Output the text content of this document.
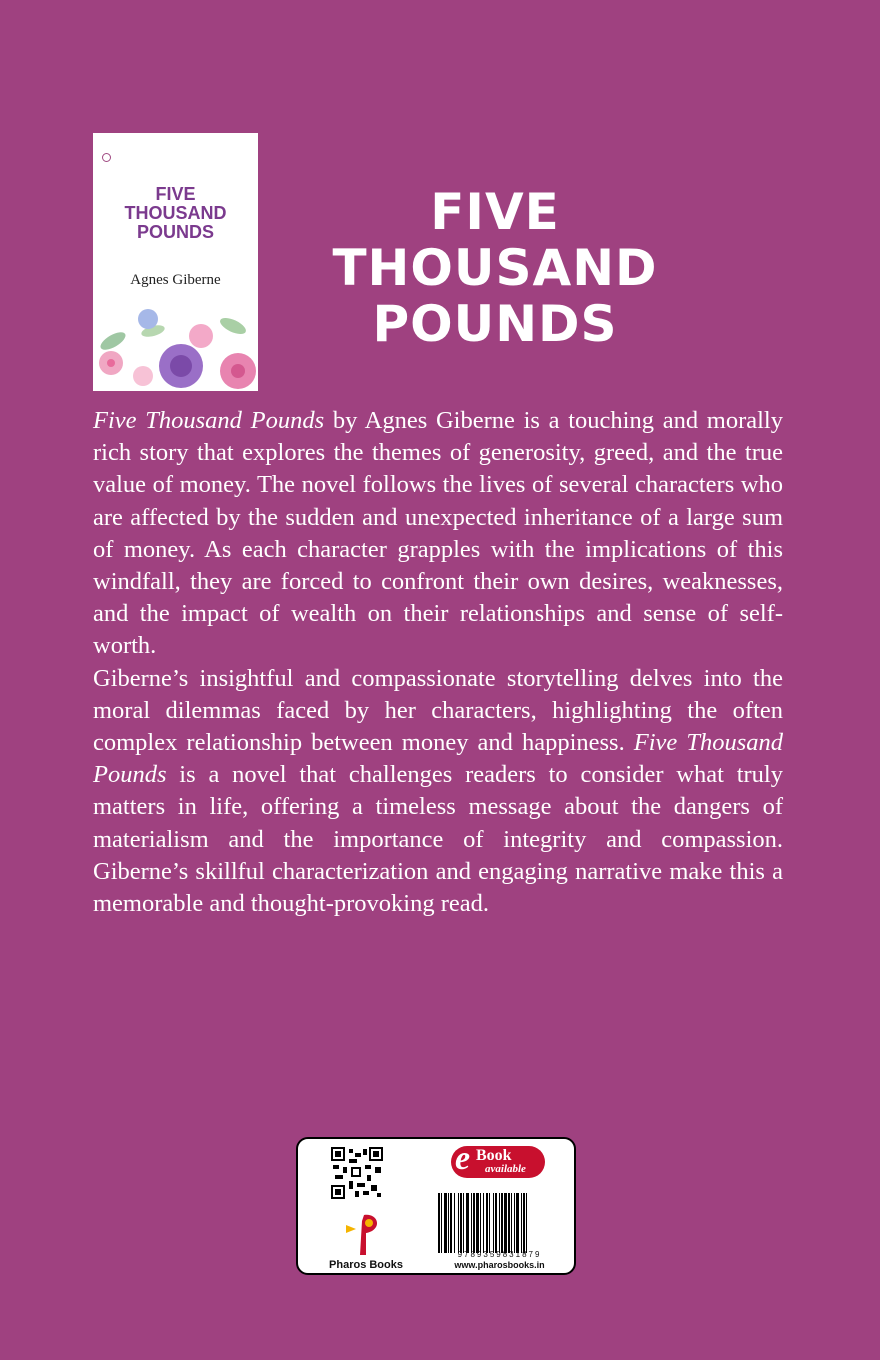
FIVE
THOUSAND
POUNDS
Agnes Giberne
FIVE
THOUSAND
POUNDS

Five Thousand Pounds by Agnes Giberne is a touching and morally rich story that explores the themes of generosity, greed, and the true value of money. The novel follows the lives of several characters who are affected by the sudden and unexpected inheritance of a large sum of money. As each character grapples with the implications of this windfall, they are forced to confront their own desires, weaknesses, and the impact of wealth on their relationships and sense of self-worth.

Giberne’s insightful and compassionate storytelling delves into the moral dilemmas faced by her characters, highlighting the often complex relationship between money and happiness. Five Thousand Pounds is a novel that challenges readers to consider what truly matters in life, offering a timeless message about the dangers of materialism and the importance of integrity and compassion. Giberne’s skillful characterization and engaging narrative make this a memorable and thought-provoking read.

Pharos Books
e Book
available
9789359831879
www.pharosbooks.in
